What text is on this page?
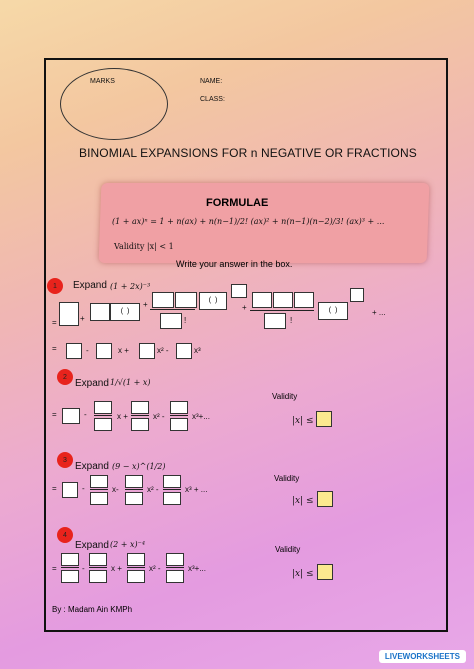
MARKS	NAME:
CLASS:
BINOMIAL EXPANSIONS FOR n NEGATIVE OR FRACTIONS
FORMULAE
(1 + ax)ⁿ = 1 + n(ax) + n(n−1)/2! (ax)² + n(n−1)(n−2)/3! (ax)³ + ...
Validity |x| < 1
Write your answer in the box.
1 Expand (1 + 2x)⁻³
=	+
(  )
+	(  )
!
+	(  )
!
+ ...
=	-	x +	x² -	x³
2
Expand 1/√(1 + x)
=	-	x +	x² -	x³+...
Validity
|x| ≤
3
Expand (9 − x)^(1/2)
=	-	x-	x² -	x³ + ...
Validity
|x| ≤
4
Expand (2 + x)⁻⁴
=	-	x +	x² -	x³+...
Validity
|x| ≤
By : Madam Ain KMPh
LIVEWORKSHEETS
